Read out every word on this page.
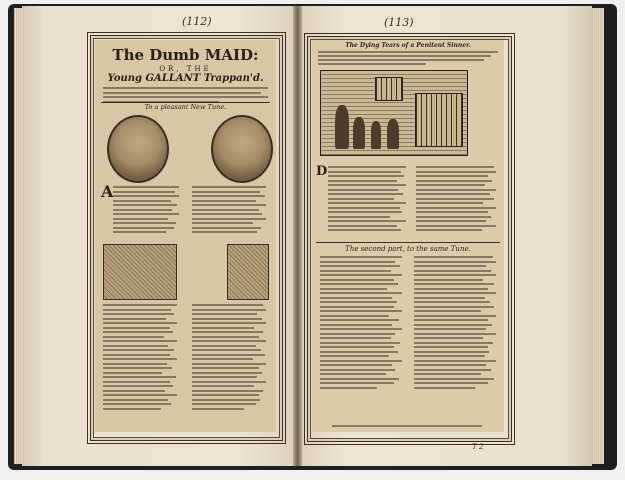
(112)
The Dumb MAID:
OR, THE
Young GALLANT Trappan'd.
To a pleasant New Tune.
A
(113)
The Dying Tears of a Penitent Sinner.
D
The second part, to the same Tune.
T 2
